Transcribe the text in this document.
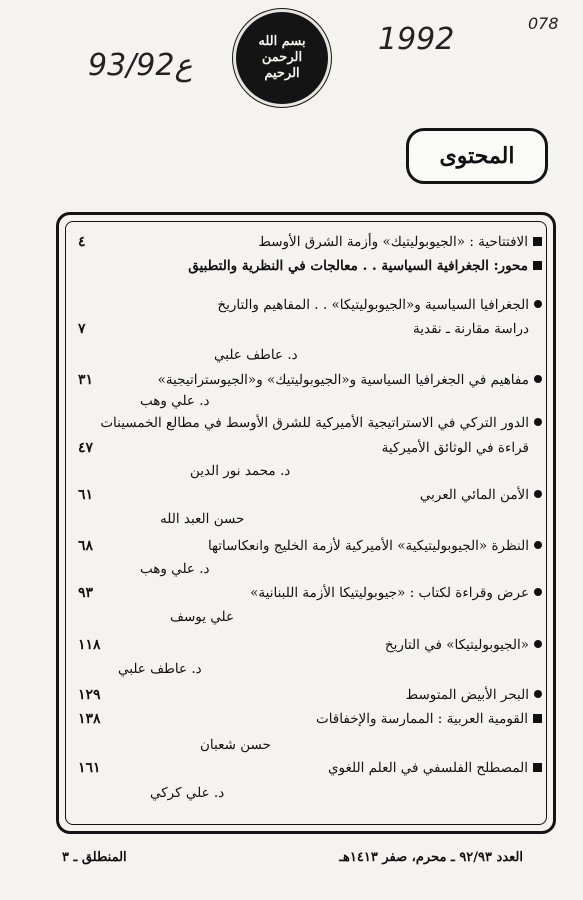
93/92ع
1992	078
بسم الله الرحمن الرحيم
المحتوى
الافتتاحية : «الجيوبوليتيك» وأزمة الشرق الأوسط
٤
محور: الجغرافية السياسية . . معالجات في النظرية والتطبيق
الجغرافيا السياسية و«الجيوبوليتيكا» . . المفاهيم والتاريخ
دراسة مقارنة ـ نقدية
٧
مفاهيم في الجغرافيا السياسية و«الجيوبوليتيك» و«الجيوستراتيجية»
٣١
الدور التركي في الاستراتيجية الأميركية للشرق الأوسط في مطالع الخمسينات
قراءة في الوثائق الأميركية
٤٧
الأمن المائي العربي
٦١
النظرة «الجيوبوليتيكية» الأميركية لأزمة الخليج وانعكاساتها
٦٨
عرض وقراءة لكتاب : «جيوبوليتيكا الأزمة اللبنانية»
٩٣
«الجيوبوليتيكا» في التاريخ
١١٨
البحر الأبيض المتوسط
١٢٩
القومية العربية : الممارسة والإخفاقات
١٣٨
المصطلح الفلسفي في العلم اللغوي
١٦١
د. عاطف علبي
د. علي وهب
د. محمد نور الدين
حسن العبد الله
د. علي وهب
علي يوسف
د. عاطف علبي
حسن شعبان
د. علي كركي
المنطلق ـ ٣	العدد ٩٢/٩٣ ـ محرم، صفر ١٤١٣هـ
